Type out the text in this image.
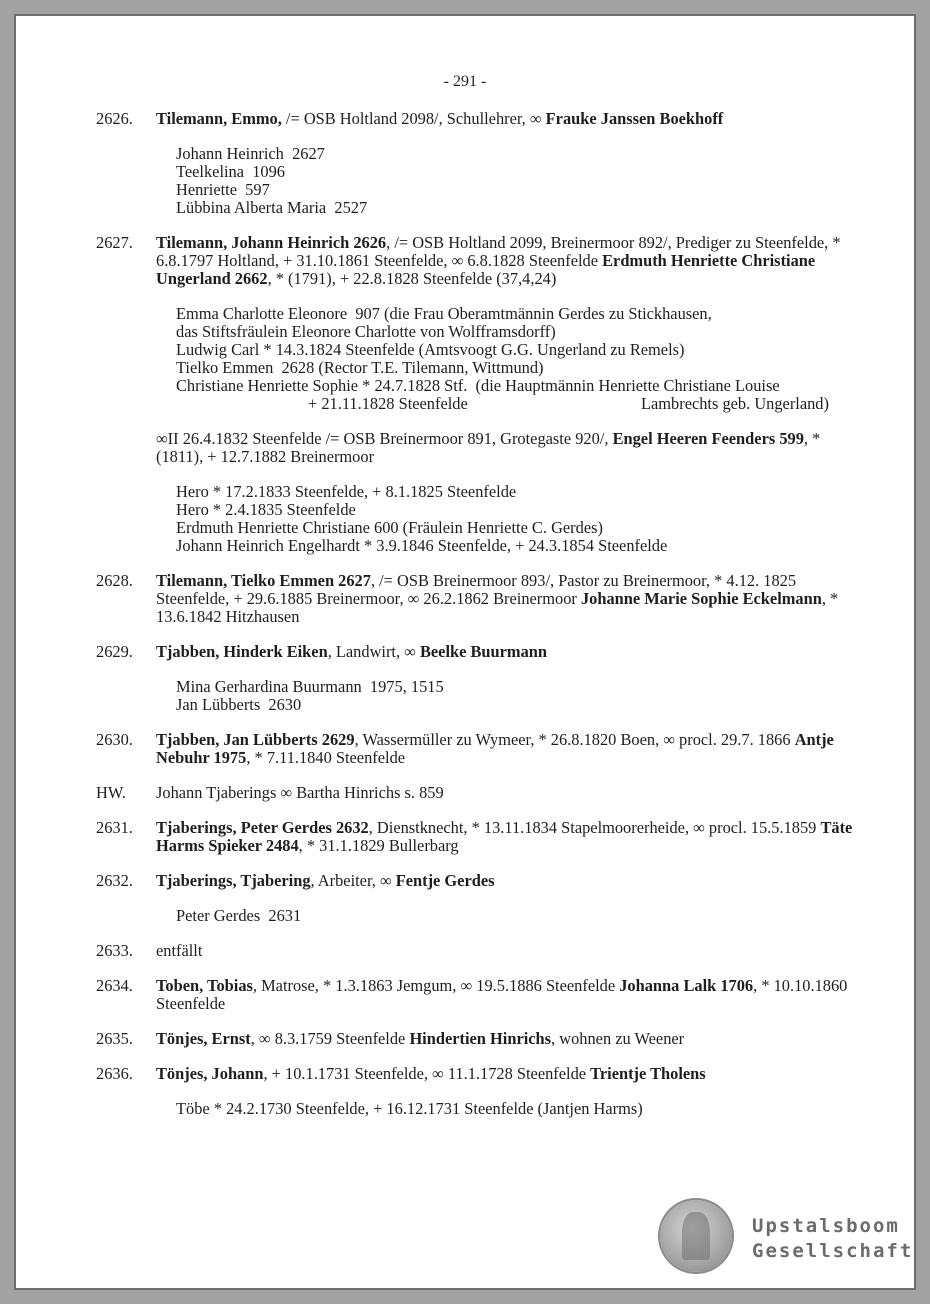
- 291 -
2626. Tilemann, Emmo, /= OSB Holtland 2098/, Schullehrer, ∞ Frauke Janssen Boekhoff
Johann Heinrich  2627
Teelkelina  1096
Henriette  597
Lübbina Alberta Maria  2527
2627. Tilemann, Johann Heinrich 2626, /= OSB Holtland 2099, Breinermoor 892/, Prediger zu Steenfelde, * 6.8.1797 Holtland, + 31.10.1861 Steenfelde, ∞ 6.8.1828 Steenfelde Erdmuth Henriette Christiane Ungerland 2662, * (1791), + 22.8.1828 Steenfelde (37,4,24)
Emma Charlotte Eleonore  907 (die Frau Oberamtmännin Gerdes zu Stickhausen,
das Stiftsfräulein Eleonore Charlotte von Wolfframsdorff)
Ludwig Carl * 14.3.1824 Steenfelde (Amtsvoogt G.G. Ungerland zu Remels)
Tielko Emmen  2628 (Rector T.E. Tilemann, Wittmund)
Christiane Henriette Sophie * 24.7.1828 Stf.  (die Hauptmännin Henriette Christiane Louise
+ 21.11.1828 Steenfelde	Lambrechts geb. Ungerland)
∞II 26.4.1832 Steenfelde /= OSB Breinermoor 891, Grotegaste 920/, Engel Heeren Feenders 599, * (1811), + 12.7.1882 Breinermoor
Hero * 17.2.1833 Steenfelde, + 8.1.1825 Steenfelde
Hero * 2.4.1835 Steenfelde
Erdmuth Henriette Christiane 600 (Fräulein Henriette C. Gerdes)
Johann Heinrich Engelhardt * 3.9.1846 Steenfelde, + 24.3.1854 Steenfelde
2628. Tilemann, Tielko Emmen 2627, /= OSB Breinermoor 893/, Pastor zu Breinermoor, * 4.12. 1825 Steenfelde, + 29.6.1885 Breinermoor, ∞ 26.2.1862 Breinermoor Johanne Marie Sophie Eckelmann, * 13.6.1842 Hitzhausen
2629. Tjabben, Hinderk Eiken, Landwirt, ∞ Beelke Buurmann
Mina Gerhardina Buurmann  1975, 1515
Jan Lübberts  2630
2630. Tjabben, Jan Lübberts 2629, Wassermüller zu Wymeer, * 26.8.1820 Boen, ∞ procl. 29.7. 1866 Antje Nebuhr 1975, * 7.11.1840 Steenfelde
HW. Johann Tjaberings ∞ Bartha Hinrichs s. 859
2631. Tjaberings, Peter Gerdes 2632, Dienstknecht, * 13.11.1834 Stapelmoorerheide, ∞ procl. 15.5.1859 Täte Harms Spieker 2484, * 31.1.1829 Bullerbarg
2632. Tjaberings, Tjabering, Arbeiter, ∞ Fentje Gerdes
Peter Gerdes  2631
2633. entfällt
2634. Toben, Tobias, Matrose, * 1.3.1863 Jemgum, ∞ 19.5.1886 Steenfelde Johanna Lalk 1706, * 10.10.1860 Steenfelde
2635. Tönjes, Ernst, ∞ 8.3.1759 Steenfelde Hindertien Hinrichs, wohnen zu Weener
2636. Tönjes, Johann, + 10.1.1731 Steenfelde, ∞ 11.1.1728 Steenfelde Trientje Tholens
Töbe * 24.2.1730 Steenfelde, + 16.12.1731 Steenfelde (Jantjen Harms)
Upstalsboom
Gesellschaft
